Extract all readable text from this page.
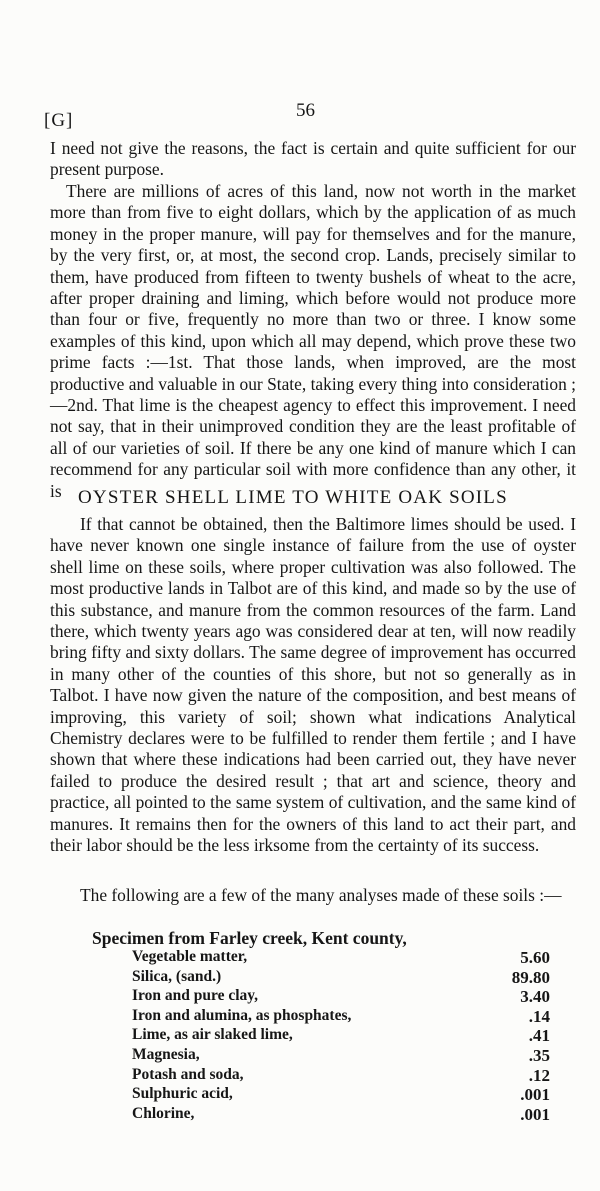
[G]	56

I need not give the reasons, the fact is certain and quite sufficient for our present purpose.

There are millions of acres of this land, now not worth in the market more than from five to eight dollars, which by the application of as much money in the proper manure, will pay for themselves and for the manure, by the very first, or, at most, the second crop. Lands, precisely similar to them, have produced from fifteen to twenty bushels of wheat to the acre, after proper draining and liming, which before would not produce more than four or five, frequently no more than two or three. I know some examples of this kind, upon which all may depend, which prove these two prime facts :—1st. That those lands, when improved, are the most productive and valuable in our State, taking every thing into consideration ;—2nd. That lime is the cheapest agency to effect this improvement. I need not say, that in their unimproved condition they are the least profitable of all of our varieties of soil. If there be any one kind of manure which I can recommend for any particular soil with more confidence than any other, it is OYSTER SHELL LIME TO WHITE OAK SOILS

If that cannot be obtained, then the Baltimore limes should be used. I have never known one single instance of failure from the use of oyster shell lime on these soils, where proper cultivation was also followed. The most productive lands in Talbot are of this kind, and made so by the use of this substance, and manure from the common resources of the farm. Land there, which twenty years ago was considered dear at ten, will now readily bring fifty and sixty dollars. The same degree of improvement has occurred in many other of the counties of this shore, but not so generally as in Talbot. I have now given the nature of the composition, and best means of improving, this variety of soil; shown what indications Analytical Chemistry declares were to be fulfilled to render them fertile ; and I have shown that where these indications had been carried out, they have never failed to produce the desired result ; that art and science, theory and practice, all pointed to the same system of cultivation, and the same kind of manures. It remains then for the owners of this land to act their part, and their labor should be the less irksome from the certainty of its success.

The following are a few of the many analyses made of these soils :—

Specimen from Farley creek, Kent county,
Vegetable matter,	5.60
Silica, (sand.)	89.80
Iron and pure clay,	3.40
Iron and alumina, as phosphates,	.14
Lime, as air slaked lime,	.41
Magnesia,	.35
Potash and soda,	.12
Sulphuric acid,	.001
Chlorine,	.001
